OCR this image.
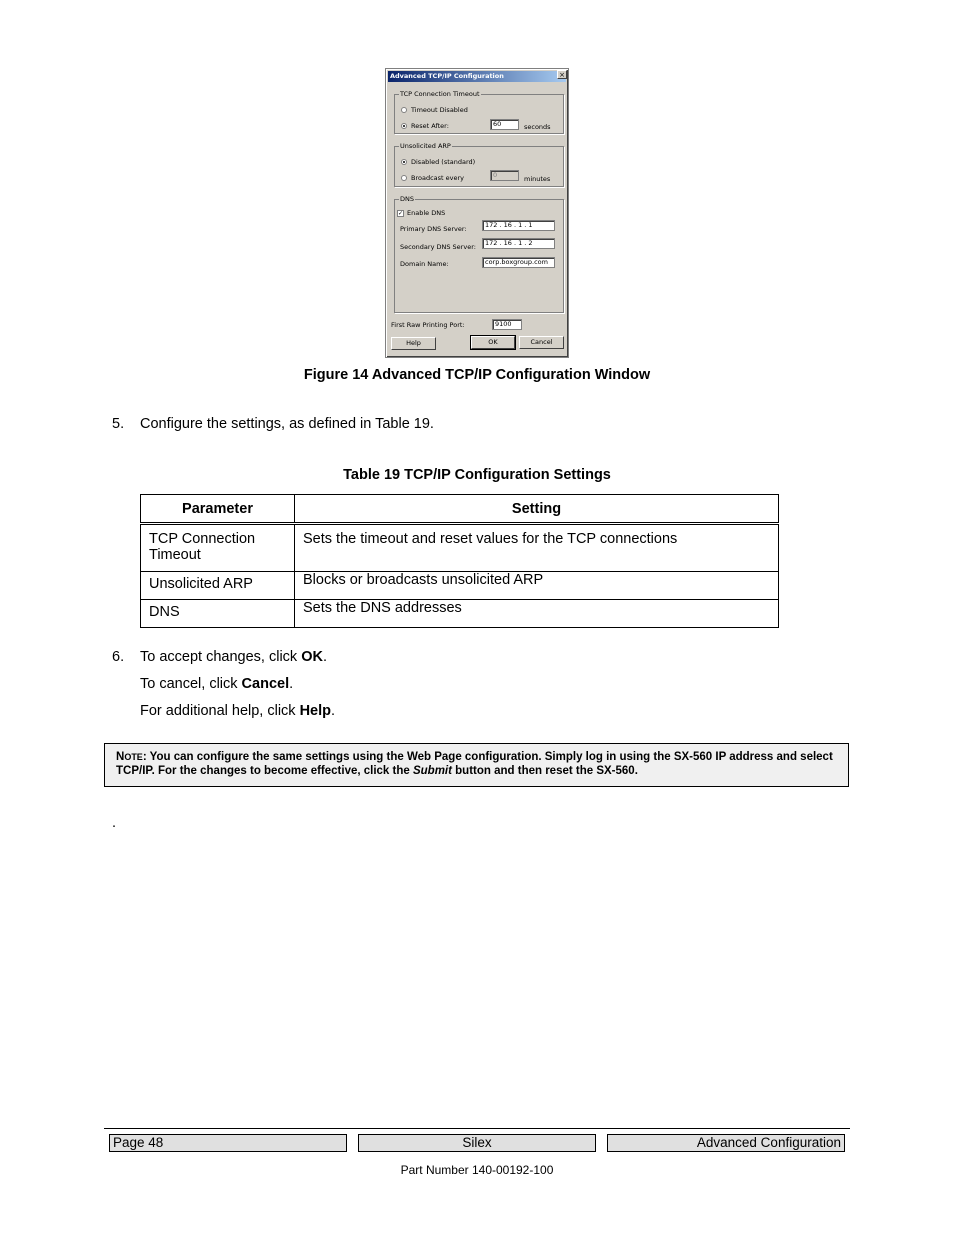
Advanced TCP/IP Configuration	×
TCP Connection Timeout
Timeout Disabled
Reset After:	60	seconds
Unsolicited ARP
Disabled (standard)
Broadcast every	0	minutes
DNS
✓ Enable DNS
Primary DNS Server:	172 . 16 . 1 . 1
Secondary DNS Server:	172 . 16 . 1 . 2
Domain Name:	corp.boxgroup.com
First Raw Printing Port:	9100
Help	OK	Cancel
Figure 14 Advanced TCP/IP Configuration Window
5. Configure the settings, as defined in Table 19.
Table 19 TCP/IP Configuration Settings
Parameter	Setting
TCP Connection Timeout	Sets the timeout and reset values for the TCP connections
Unsolicited ARP	Blocks or broadcasts unsolicited ARP
DNS	Sets the DNS addresses
6. To accept changes, click OK.
To cancel, click Cancel.
For additional help, click Help.
NOTE: You can configure the same settings using the Web Page configuration. Simply log in using the SX-560 IP address and select TCP/IP. For the changes to become effective, click the Submit button and then reset the SX-560.
.
Page 48	Silex	Advanced Configuration
Part Number 140-00192-100
